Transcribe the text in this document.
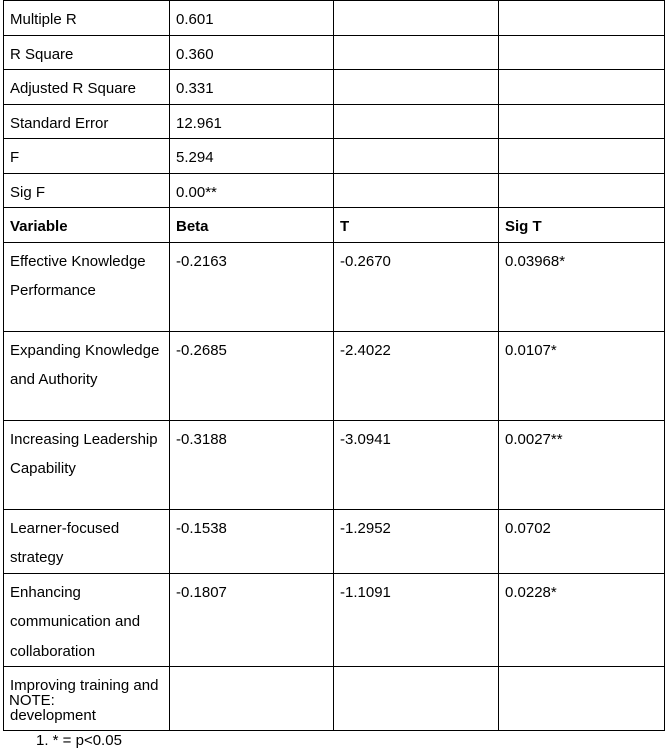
Multiple R	0.601		
R Square	0.360		
Adjusted R Square	0.331		
Standard Error	12.961		
F	5.294		
Sig F	0.00**		
Variable	Beta	T	Sig T
Effective Knowledge Performance	-0.2163	-0.2670	0.03968*
Expanding Knowledge and Authority	-0.2685	-2.4022	0.0107*
Increasing Leadership Capability	-0.3188	-3.0941	0.0027**
Learner-focused strategy	-0.1538	-1.2952	0.0702
Enhancing communication and collaboration	-0.1807	-1.1091	0.0228*
Improving training and development			
NOTE:
1. * = p<0.05
